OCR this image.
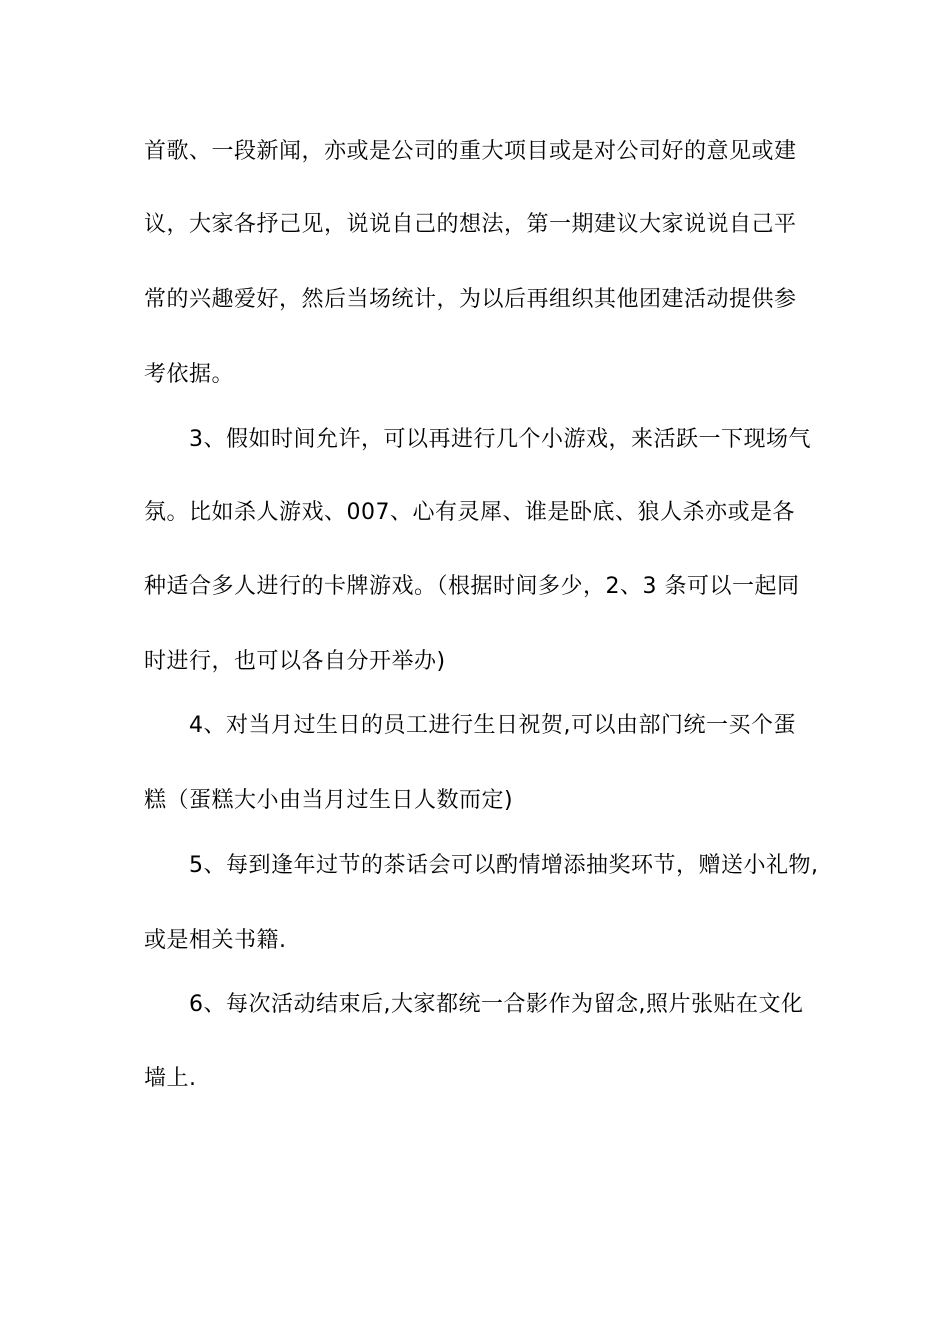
首歌、一段新闻，亦或是公司的重大项目或是对公司好的意见或建
议，大家各抒己见，说说自己的想法，第一期建议大家说说自己平
常的兴趣爱好，然后当场统计，为以后再组织其他团建活动提供参
考依据。
3、假如时间允许，可以再进行几个小游戏，来活跃一下现场气
氛。比如杀人游戏、007、心有灵犀、谁是卧底、狼人杀亦或是各
种适合多人进行的卡牌游戏。（根据时间多少，2、3 条可以一起同
时进行，也可以各自分开举办)
4、对当月过生日的员工进行生日祝贺,可以由部门统一买个蛋
糕（蛋糕大小由当月过生日人数而定)
5、每到逢年过节的茶话会可以酌情增添抽奖环节，赠送小礼物,
或是相关书籍.
6、每次活动结束后,大家都统一合影作为留念,照片张贴在文化
墙上.
